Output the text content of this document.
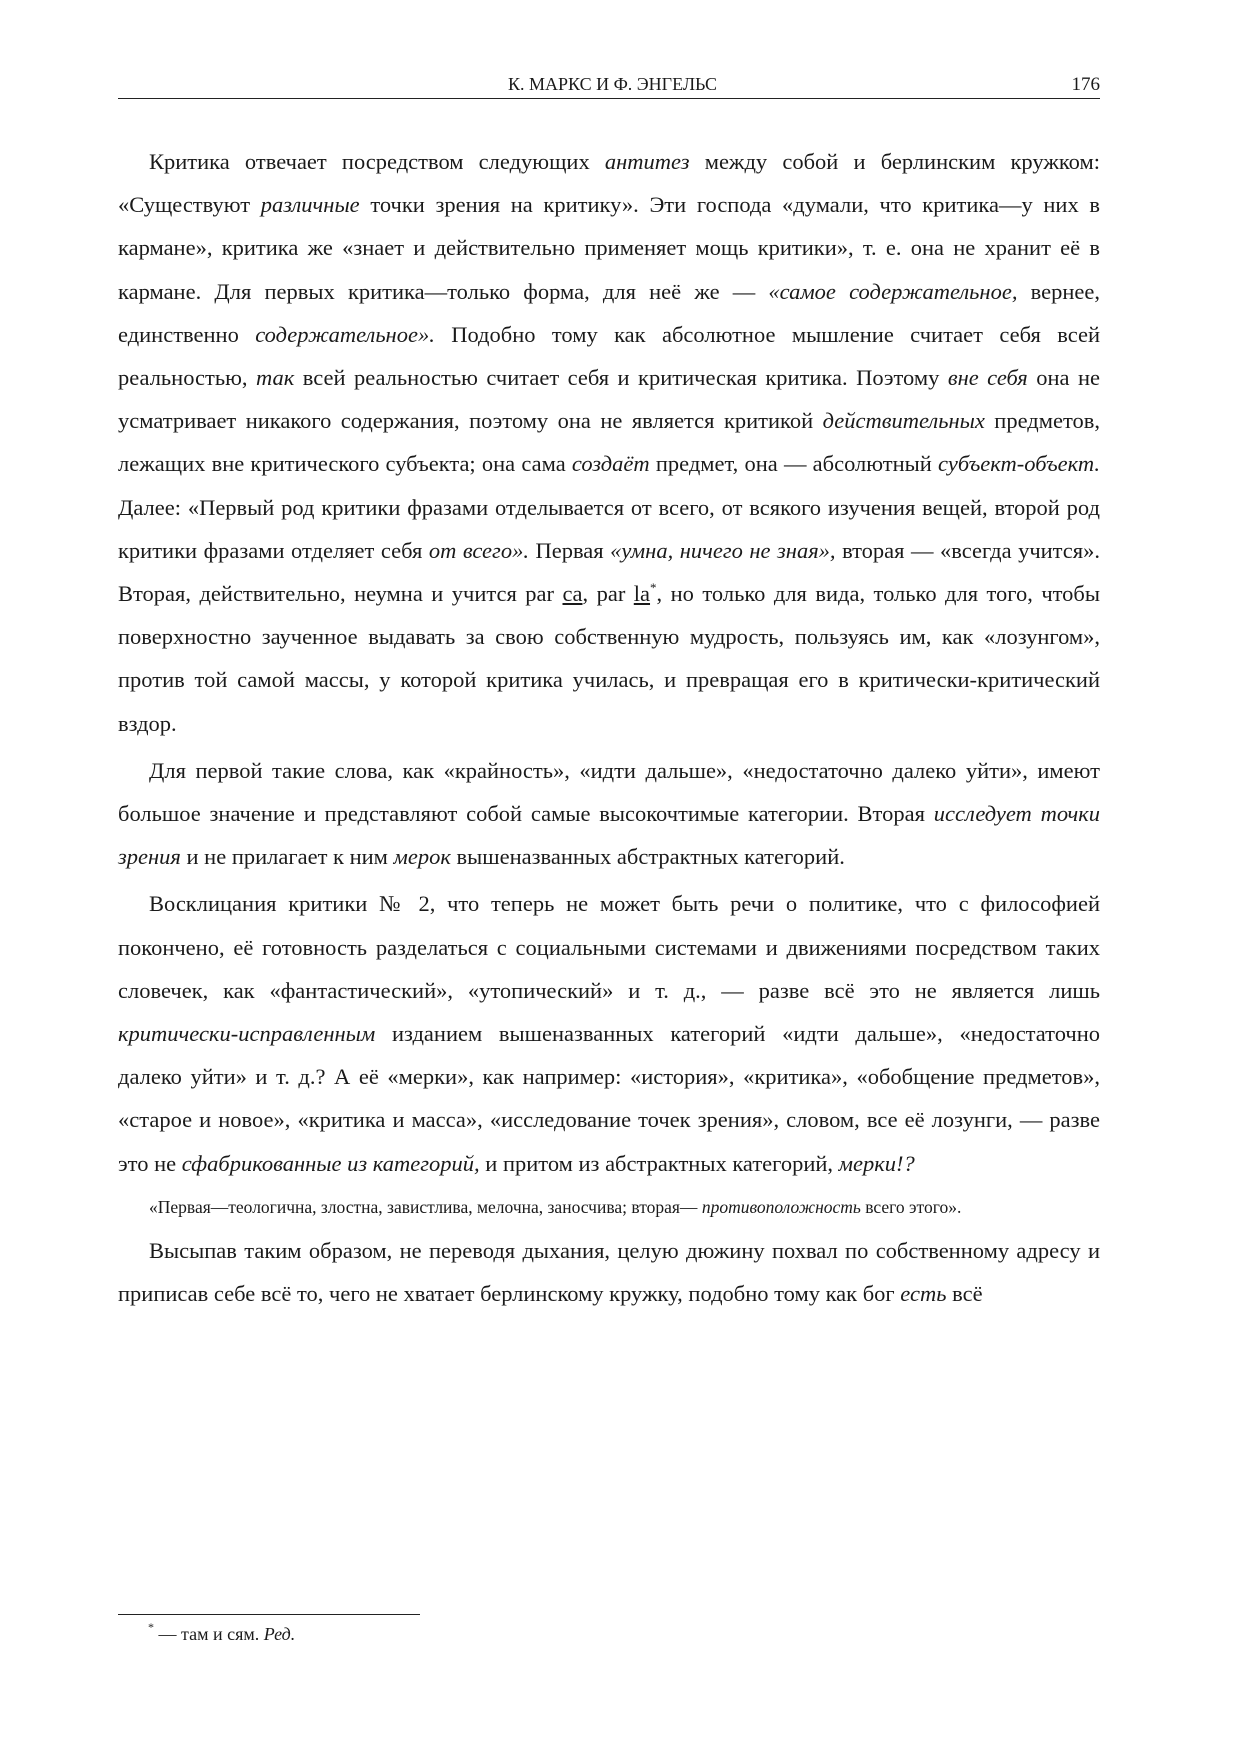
К. МАРКС И Ф. ЭНГЕЛЬС	176

Критика отвечает посредством следующих антитез между собой и берлинским кружком: «Существуют различные точки зрения на критику». Эти господа «думали, что критика—у них в кармане», критика же «знает и действительно применяет мощь критики», т. е. она не хранит её в кармане. Для первых критика—только форма, для неё же — «самое содержательное, вернее, единственно содержательное». Подобно тому как абсолютное мышление считает себя всей реальностью, так всей реальностью считает себя и критическая критика. Поэтому вне себя она не усматривает никакого содержания, поэтому она не является критикой действительных предметов, лежащих вне критического субъекта; она сама создаёт предмет, она — абсолютный субъект-объект. Далее: «Первый род критики фразами отделывается от всего, от всякого изучения вещей, второй род критики фразами отделяет себя от всего». Первая «умна, ничего не зная», вторая — «всегда учится». Вторая, действительно, неумна и учится par ca, par la*, но только для вида, только для того, чтобы поверхностно заученное выдавать за свою собственную мудрость, пользуясь им, как «лозунгом», против той самой массы, у которой критика училась, и превращая его в критически-критический вздор.

Для первой такие слова, как «крайность», «идти дальше», «недостаточно далеко уйти», имеют большое значение и представляют собой самые высокочтимые категории. Вторая исследует точки зрения и не прилагает к ним мерок вышеназванных абстрактных категорий.

Восклицания критики № 2, что теперь не может быть речи о политике, что с философией покончено, её готовность разделаться с социальными системами и движениями посредством таких словечек, как «фантастический», «утопический» и т. д., — разве всё это не является лишь критически-исправленным изданием вышеназванных категорий «идти дальше», «недостаточно далеко уйти» и т. д.? А её «мерки», как например: «история», «критика», «обобщение предметов», «старое и новое», «критика и масса», «исследование точек зрения», словом, все её лозунги, — разве это не сфабрикованные из категорий, и притом из абстрактных категорий, мерки!?

«Первая—теологична, злостна, завистлива, мелочна, заносчива; вторая— противоположность всего этого».

Высыпав таким образом, не переводя дыхания, целую дюжину похвал по собственному адресу и приписав себе всё то, чего не хватает берлинскому кружку, подобно тому как бог есть всё

* — там и сям. Ред.
